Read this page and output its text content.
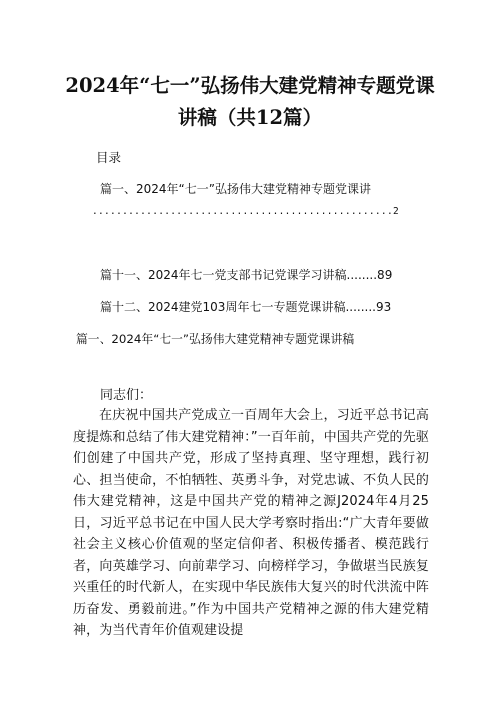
2024年“七一”弘扬伟大建党精神专题党课
讲稿（共12篇）
目录
篇一、2024年“七一”弘扬伟大建党精神专题党课讲
..................................................2
篇十一、2024年七一党支部书记党课学习讲稿........89
篇十二、2024建党103周年七一专题党课讲稿........93
篇一、2024年“七一”弘扬伟大建党精神专题党课讲稿
同志们：
在庆祝中国共产党成立一百周年大会上，习近平总书记高度提炼和总结了伟大建党精神：”一百年前，中国共产党的先驱们创建了中国共产党，形成了坚持真理、坚守理想，践行初心、担当使命，不怕牺牲、英勇斗争，对党忠诚、不负人民的伟大建党精神，这是中国共产党的精神之源J2024年4月25日，习近平总书记在中国人民大学考察时指出:“广大青年要做社会主义核心价值观的坚定信仰者、积极传播者、模范践行者，向英雄学习、向前辈学习、向榜样学习，争做堪当民族复兴重任的时代新人，在实现中华民族伟大复兴的时代洪流中阵历奋发、勇毅前进。”作为中国共产党精神之源的伟大建党精神，为当代青年价值观建设提
